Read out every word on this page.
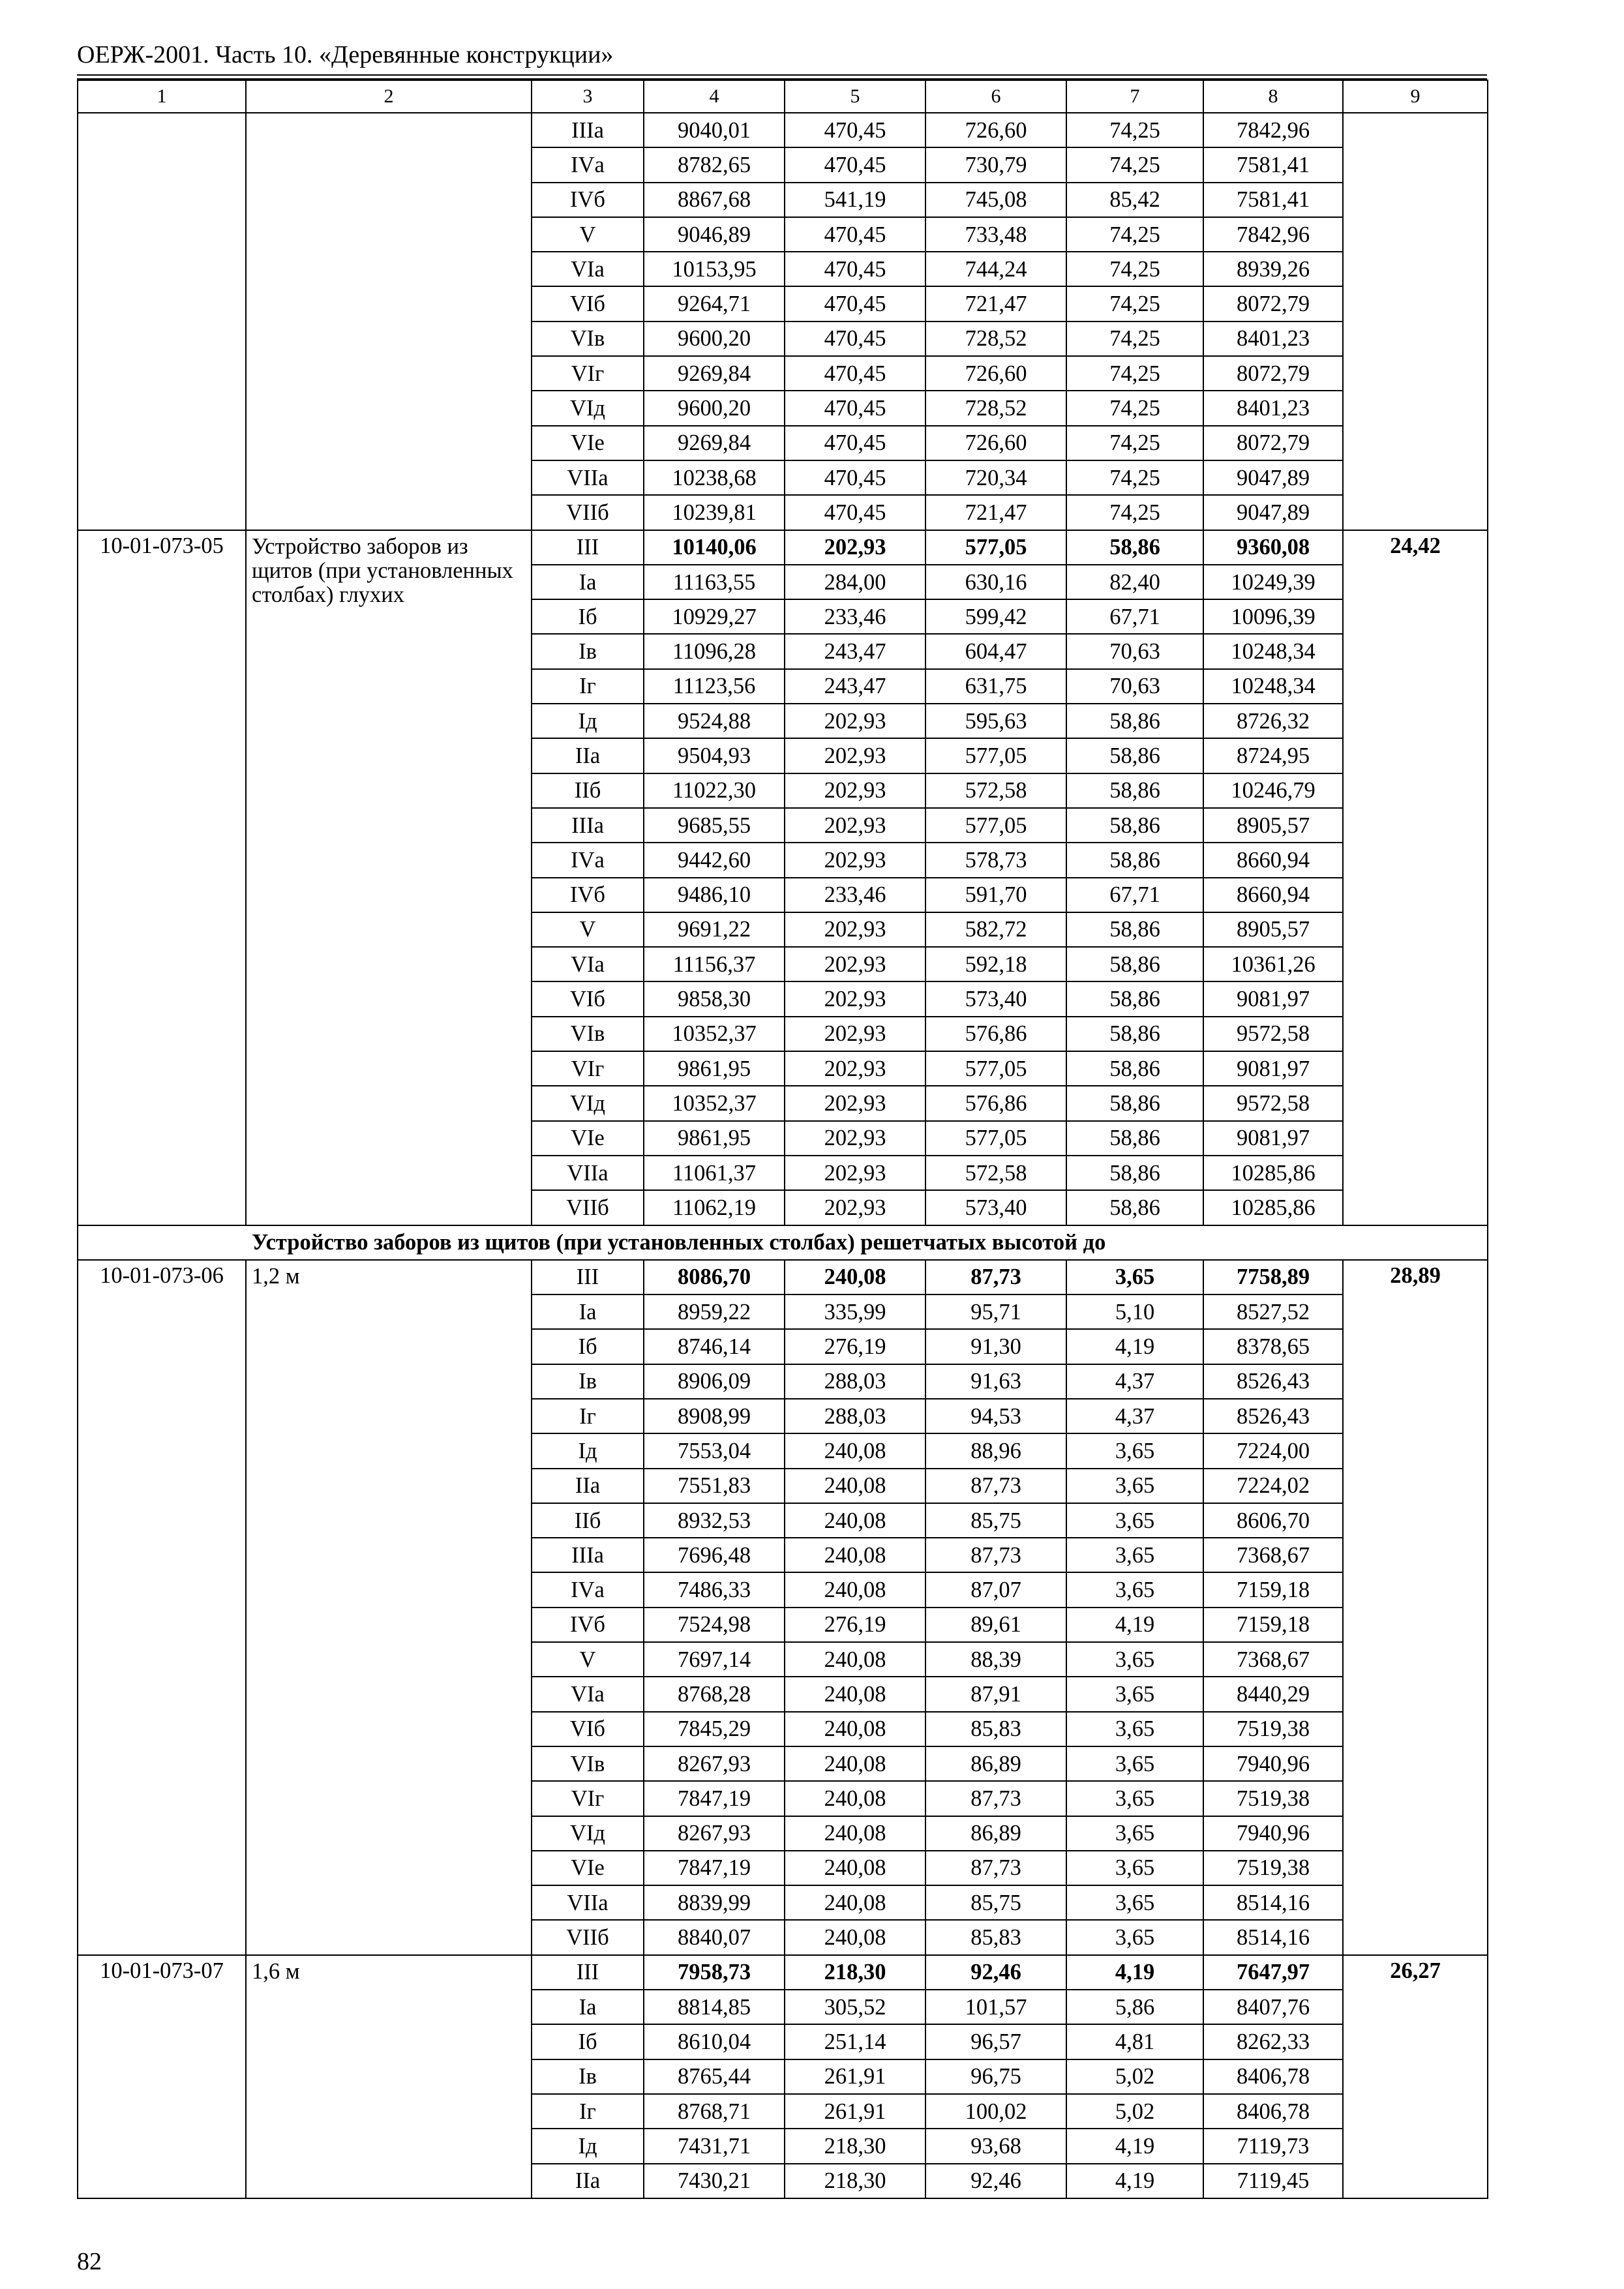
ОЕРЖ-2001. Часть 10. «Деревянные конструкции»
1	2	3	4	5	6	7	8	9
		IIIа	9040,01	470,45	726,60	74,25	7842,96	
		IVа	8782,65	470,45	730,79	74,25	7581,41	
		IVб	8867,68	541,19	745,08	85,42	7581,41	
		V	9046,89	470,45	733,48	74,25	7842,96	
		VIа	10153,95	470,45	744,24	74,25	8939,26	
		VIб	9264,71	470,45	721,47	74,25	8072,79	
		VIв	9600,20	470,45	728,52	74,25	8401,23	
		VIг	9269,84	470,45	726,60	74,25	8072,79	
		VIд	9600,20	470,45	728,52	74,25	8401,23	
		VIе	9269,84	470,45	726,60	74,25	8072,79	
		VIIа	10238,68	470,45	720,34	74,25	9047,89	
		VIIб	10239,81	470,45	721,47	74,25	9047,89	
10-01-073-05	Устройство заборов из щитов (при установленных столбах) глухих	III	10140,06	202,93	577,05	58,86	9360,08	24,42
		Iа	11163,55	284,00	630,16	82,40	10249,39	
		Iб	10929,27	233,46	599,42	67,71	10096,39	
		Iв	11096,28	243,47	604,47	70,63	10248,34	
		Iг	11123,56	243,47	631,75	70,63	10248,34	
		Iд	9524,88	202,93	595,63	58,86	8726,32	
		IIа	9504,93	202,93	577,05	58,86	8724,95	
		IIб	11022,30	202,93	572,58	58,86	10246,79	
		IIIа	9685,55	202,93	577,05	58,86	8905,57	
		IVа	9442,60	202,93	578,73	58,86	8660,94	
		IVб	9486,10	233,46	591,70	67,71	8660,94	
		V	9691,22	202,93	582,72	58,86	8905,57	
		VIа	11156,37	202,93	592,18	58,86	10361,26	
		VIб	9858,30	202,93	573,40	58,86	9081,97	
		VIв	10352,37	202,93	576,86	58,86	9572,58	
		VIг	9861,95	202,93	577,05	58,86	9081,97	
		VIд	10352,37	202,93	576,86	58,86	9572,58	
		VIе	9861,95	202,93	577,05	58,86	9081,97	
		VIIа	11061,37	202,93	572,58	58,86	10285,86	
		VIIб	11062,19	202,93	573,40	58,86	10285,86	
Устройство заборов из щитов (при установленных столбах) решетчатых высотой до								
10-01-073-06	1,2 м	III	8086,70	240,08	87,73	3,65	7758,89	28,89
		Iа	8959,22	335,99	95,71	5,10	8527,52	
		Iб	8746,14	276,19	91,30	4,19	8378,65	
		Iв	8906,09	288,03	91,63	4,37	8526,43	
		Iг	8908,99	288,03	94,53	4,37	8526,43	
		Iд	7553,04	240,08	88,96	3,65	7224,00	
		IIа	7551,83	240,08	87,73	3,65	7224,02	
		IIб	8932,53	240,08	85,75	3,65	8606,70	
		IIIа	7696,48	240,08	87,73	3,65	7368,67	
		IVа	7486,33	240,08	87,07	3,65	7159,18	
		IVб	7524,98	276,19	89,61	4,19	7159,18	
		V	7697,14	240,08	88,39	3,65	7368,67	
		VIа	8768,28	240,08	87,91	3,65	8440,29	
		VIб	7845,29	240,08	85,83	3,65	7519,38	
		VIв	8267,93	240,08	86,89	3,65	7940,96	
		VIг	7847,19	240,08	87,73	3,65	7519,38	
		VIд	8267,93	240,08	86,89	3,65	7940,96	
		VIе	7847,19	240,08	87,73	3,65	7519,38	
		VIIа	8839,99	240,08	85,75	3,65	8514,16	
		VIIб	8840,07	240,08	85,83	3,65	8514,16	
10-01-073-07	1,6 м	III	7958,73	218,30	92,46	4,19	7647,97	26,27
		Iа	8814,85	305,52	101,57	5,86	8407,76	
		Iб	8610,04	251,14	96,57	4,81	8262,33	
		Iв	8765,44	261,91	96,75	5,02	8406,78	
		Iг	8768,71	261,91	100,02	5,02	8406,78	
		Iд	7431,71	218,30	93,68	4,19	7119,73	
		IIа	7430,21	218,30	92,46	4,19	7119,45	
82
